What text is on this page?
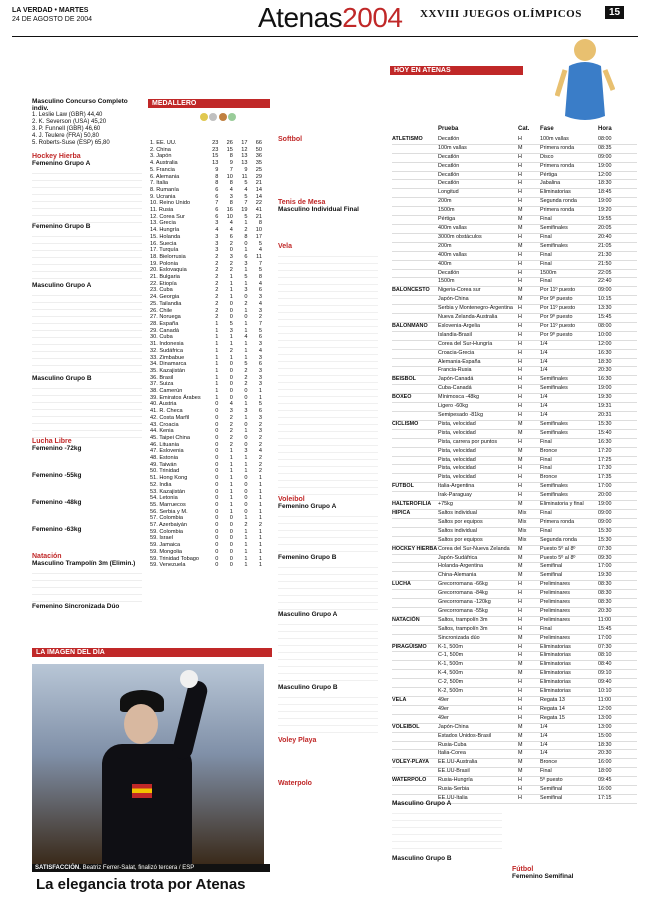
LA VERDAD • MARTES
24 DE AGOSTO DE 2004	Atenas2004 XXVIII JUEGOS OLÍMPICOS	15
Masculino Concurso Completo indiv.
1. Leslie Law (GBR) 44,40
2. K. Severson (USA) 45,20
3. P. Funnell (GBR) 46,60
4. J. Teulere (FRA) 50,80
5. Roberts-Suse (ESP) 65,80
Hockey Hierba
Femenino Grupo A
Femenino Grupo B
Masculino Grupo A
Masculino Grupo B
Lucha Libre
Femenino -72kg
Femenino -55kg
Femenino -48kg
Femenino -63kg
Natación
Masculino Trampolín 3m (Elimin.)
Femenino Sincronizada Dúo
MEDALLERO

1. EE. UU.	23	26	17	66
2. China	23	15	12	50
3. Japón	15	8	13	36
4. Australia	13	9	13	35
5. Francia	9	7	9	25
6. Alemania	8	10	11	29
7. Italia	8	8	5	21
8. Rumanía	6	4	4	14
9. Ucrania	6	3	5	14
10. Reino Unido	7	8	7	22
11. Rusia	6	16	19	41
12. Corea Sur	6	10	5	21
13. Grecia	3	4	1	8
14. Hungría	4	4	2	10
15. Holanda	3	6	8	17
16. Suecia	3	2	0	5
17. Turquía	3	0	1	4
18. Bielorrusia	2	3	6	11
19. Polonia	2	2	3	7
20. Eslovaquia	2	2	1	5
21. Bulgaria	2	1	5	8
22. Etiopía	2	1	1	4
23. Cuba	2	1	3	6
24. Georgia	2	1	0	3
25. Tailandia	2	0	2	4
26. Chile	2	0	1	3
27. Noruega	2	0	0	2
28. España	1	5	1	7
29. Canadá	1	3	1	5
30. Cuba	1	1	4	6
31. Indonesia	1	1	1	3
32. Sudáfrica	1	2	1	4
33. Zimbabue	1	1	1	3
34. Dinamarca	1	0	5	6
35. Kazajistán	1	0	2	3
36. Brasil	1	0	2	3
37. Suiza	1	0	2	3
38. Camerún	1	0	0	1
39. Emiratos Árabes	1	0	0	1
40. Austria	0	4	1	5
41. R. Checa	0	3	3	6
42. Costa Marfil	0	2	1	3
43. Croacia	0	2	0	2
44. Kenia	0	2	1	3
45. Taipei China	0	2	0	2
46. Lituania	0	2	0	2
47. Eslovenia	0	1	3	4
48. Estonia	0	1	1	2
49. Taiwán	0	1	1	2
50. Trinidad	0	1	1	2
51. Hong Kong	0	1	0	1
52. India	0	1	0	1
53. Kazajistán	0	1	0	1
54. Letonia	0	1	0	1
55. Marruecos	0	1	0	1
56. Serbia y M.	0	1	0	1
57. Colombia	0	0	1	1
57. Azerbaiyán	0	0	2	2
59. Colombia	0	0	1	1
59. Israel	0	0	1	1
59. Jamaica	0	0	1	1
59. Mongolia	0	0	1	1
59. Trinidad Tobago	0	0	1	1
59. Venezuela	0	0	1	1
Softbol
Tenis de Mesa
Masculino Individual Final
Vela
Voleibol
Femenino Grupo A
Femenino Grupo B
Masculino Grupo A
Masculino Grupo B
Voley Playa
Waterpolo
HOY EN ATENAS
Prueba	Cat.	Fase	Hora
ATLETISMO	Decatlón	H	100m vallas	08:00
100m vallas	M	Primera ronda	08:35
Decatlón	H	Disco	09:00
Decatlón	H	Primera ronda	19:00
Decatlón	H	Pértiga	12:00
Decatlón	H	Jabalina	18:30
Longitud	H	Eliminatorias	18:45
200m	H	Segunda ronda	19:00
1500m	M	Primera ronda	19:20
Pértiga	M	Final	19:55
400m vallas	M	Semifinales	20:05
3000m obstáculos	H	Final	20:40
200m	M	Semifinales	21:05
400m vallas	H	Final	21:30
400m	H	Final	21:50
Decatlón	H	1500m	22:05
1500m	H	Final	22:40
BALONCESTO	Nigeria-Corea sur	M	Por 11º puesto	09:00
Japón-China	M	Por 9º puesto	10:15
Serbia y Montenegro-Argentina H	Por 11º puesto	13:30
Nueva Zelanda-Australia	H	Por 9º puesto	15:45
BALONMANO	Eslovenia-Argelia	H	Por 11º puesto	08:00
Islandia-Brasil	H	Por 9º puesto	10:00
Corea del Sur-Hungría	H	1/4	12:00
Croacia-Grecia	H	1/4	16:30
Alemania-España	H	1/4	18:30
Francia-Rusia	H	1/4	20:30
BEISBOL	Japón-Canadá	H	Semifinales	16:30
Cuba-Canadá	H	Semifinales	19:00
BOXEO	Mínimosca -48kg	H	1/4	19:30
Ligero -60kg	H	1/4	19:31
Semipesado -81kg	H	1/4	20:31
CICLISMO	Pista, velocidad	M	Semifinales	15:30
Pista, velocidad	M	Semifinales	15:40
Pista, carrera por puntos	H	Final	16:30
Pista, velocidad	M	Bronce	17:20
Pista, velocidad	M	Final	17:25
Pista, velocidad	H	Final	17:30
Pista, velocidad	H	Bronce	17:35
FUTBOL	Italia-Argentina	H	Semifinales	17:00
Irak-Paraguay	H	Semifinales	20:00
HALTEROFILIA	+75kg	M	Eliminatoria y final	19:00
HIPICA	Saltos individual	Mix	Final	09:00
Saltos por equipos	Mix	Primera ronda	09:00
Saltos individual	Mix	Final	15:30
Saltos por equipos	Mix	Segunda ronda	15:30
HOCKEY HIERBA Corea del Sur-Nueva Zelanda	M	Puesto 5º al 8º	07:30
Japón-Sudáfrica	M	Puesto 5º al 8º	09:30
Holanda-Argentina	M	Semifinal	17:00
China-Alemania	M	Semifinal	19:30
LUCHA	Grecorromana -66kg	H	Preliminares	08:30
Grecorromana -84kg	H	Preliminares	08:30
Grecorromana -120kg	H	Preliminares	08:30
Grecorromana -55kg	H	Preliminares	20:30
NATACIÓN	Saltos, trampolín 3m	H	Preliminares	11:00
Saltos, trampolín 3m	H	Final	15:45
Sincronizada dúo	M	Preliminares	17:00
PIRAGÜISMO	K-1, 500m	H	Eliminatorias	07:30
C-1, 500m	H	Eliminatorias	08:10
K-1, 500m	M	Eliminatorias	08:40
K-4, 500m	M	Eliminatorias	09:10
C-2, 500m	H	Eliminatorias	09:40
K-2, 500m	H	Eliminatorias	10:10
VELA	49er	H	Regata 13	11:00
49er	H	Regata 14	12:00
49er	H	Regata 15	13:00
VOLEIBOL	Japón-China	M	1/4	13:00
Estados Unidos-Brasil	M	1/4	15:00
Rusia-Cuba	M	1/4	18:30
Italia-Corea	M	1/4	20:30
VOLEY-PLAYA	EE.UU-Australia	M	Bronce	16:00
EE.UU-Brasil	M	Final	18:00
WATERPOLO	Rusia-Hungría	H	5º puesto	09:45
Rusia-Serbia	H	Semifinal	16:00
EE.UU-Italia	H	Semifinal	17:15
Masculino Grupo A
Masculino Grupo B
Fútbol
Femenino Semifinal
LA IMAGEN DEL DÍA
SATISFACCIÓN. Beatriz Ferrer-Salat, finalizó tercera / ESP
La elegancia trota por Atenas
